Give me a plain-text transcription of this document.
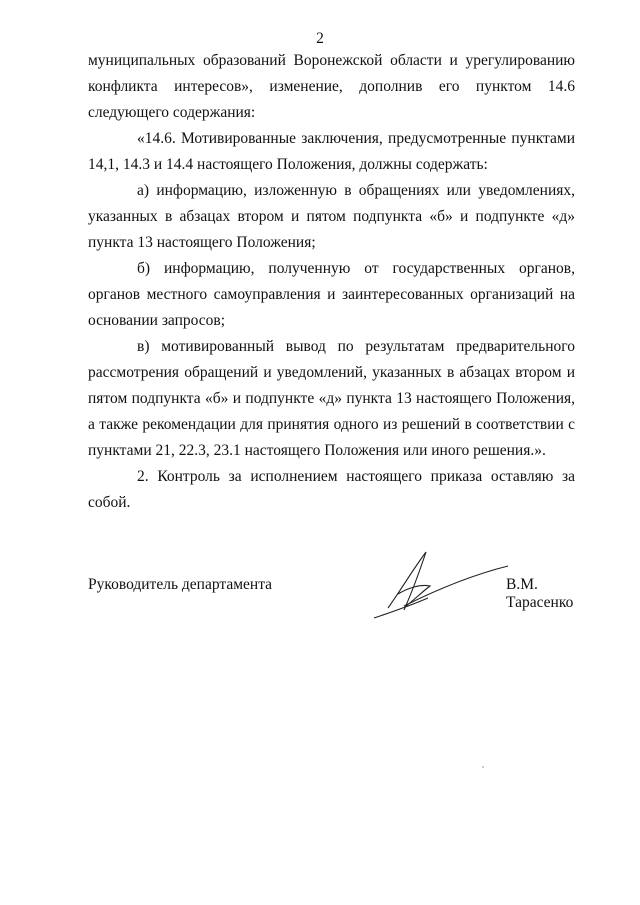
2

муниципальных образований Воронежской области и урегулированию конфликта интересов», изменение, дополнив его пунктом 14.6 следующего содержания:

«14.6. Мотивированные заключения, предусмотренные пунктами 14,1, 14.3 и 14.4 настоящего Положения, должны содержать:

а) информацию, изложенную в обращениях или уведомлениях, указанных в абзацах втором и пятом подпункта «б» и подпункте «д» пункта 13 настоящего Положения;

б) информацию, полученную от государственных органов, органов местного самоуправления и заинтересованных организаций на основании запросов;

в) мотивированный вывод по результатам предварительного рассмотрения обращений и уведомлений, указанных в абзацах втором и пятом подпункта «б» и подпункте «д» пункта 13 настоящего Положения, а также рекомендации для принятия одного из решений в соответствии с пунктами 21, 22.3, 23.1 настоящего Положения или иного решения.».

2. Контроль за исполнением настоящего приказа оставляю за собой.

Руководитель департамента	В.М. Тарасенко
